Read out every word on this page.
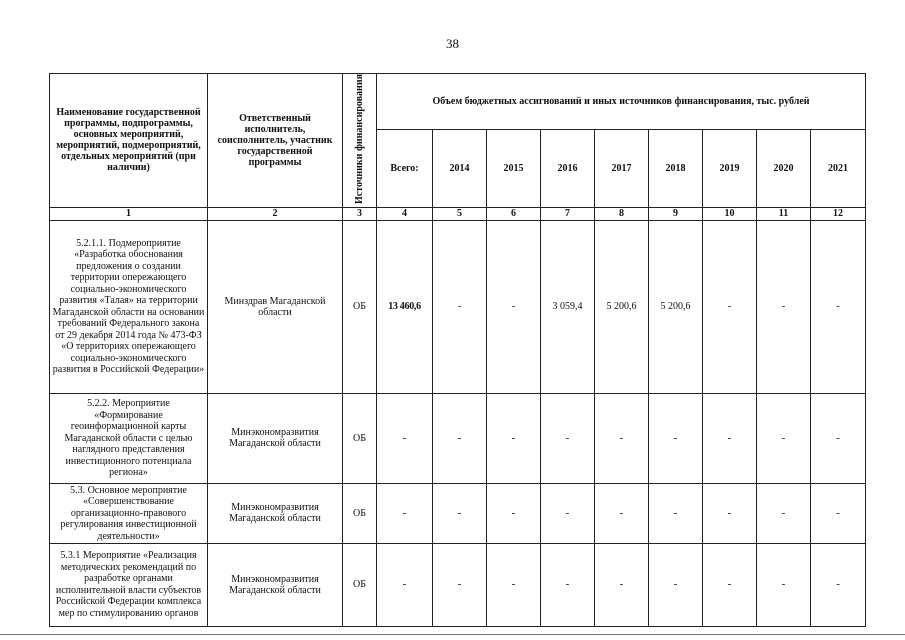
38
Наименование государственной программы, подпрограммы, основных мероприятий, мероприятий, подмероприятий, отдельных мероприятий (при наличии)	Ответственный исполнитель, соисполнитель, участник государственной программы	Источники финансирования	Объем бюджетных ассигнований и иных источников финансирования, тыс. рублей								
			Всего:	2014	2015	2016	2017	2018	2019	2020	2021
1	2	3	4	5	6	7	8	9	10	11	12
5.2.1.1. Подмероприятие «Разработка обоснования предложения о создании территории опережающего социально-экономического развития «Талая» на территории Магаданской области на основании требований Федерального закона от 29 декабря 2014 года № 473-ФЗ «О территориях опережающего социально-экономического развития в Российской Федерации»	Минздрав Магаданской области	ОБ	13 460,6	-	-	3 059,4	5 200,6	5 200,6	-	-	-
5.2.2. Мероприятие «Формирование геоинформационной карты Магаданской области с целью наглядного представления инвестиционного потенциала региона»	Минэкономразвития Магаданской области	ОБ	-	-	-	-	-	-	-	-	-
5.3. Основное мероприятие «Совершенствование организационно-правового регулирования инвестиционной деятельности»	Минэкономразвития Магаданской области	ОБ	-	-	-	-	-	-	-	-	-
5.3.1 Мероприятие «Реализация методических рекомендаций по разработке органами исполнительной власти субъектов Российской Федерации комплекса мер по стимулированию органов	Минэкономразвития Магаданской области	ОБ	-	-	-	-	-	-	-	-	-
